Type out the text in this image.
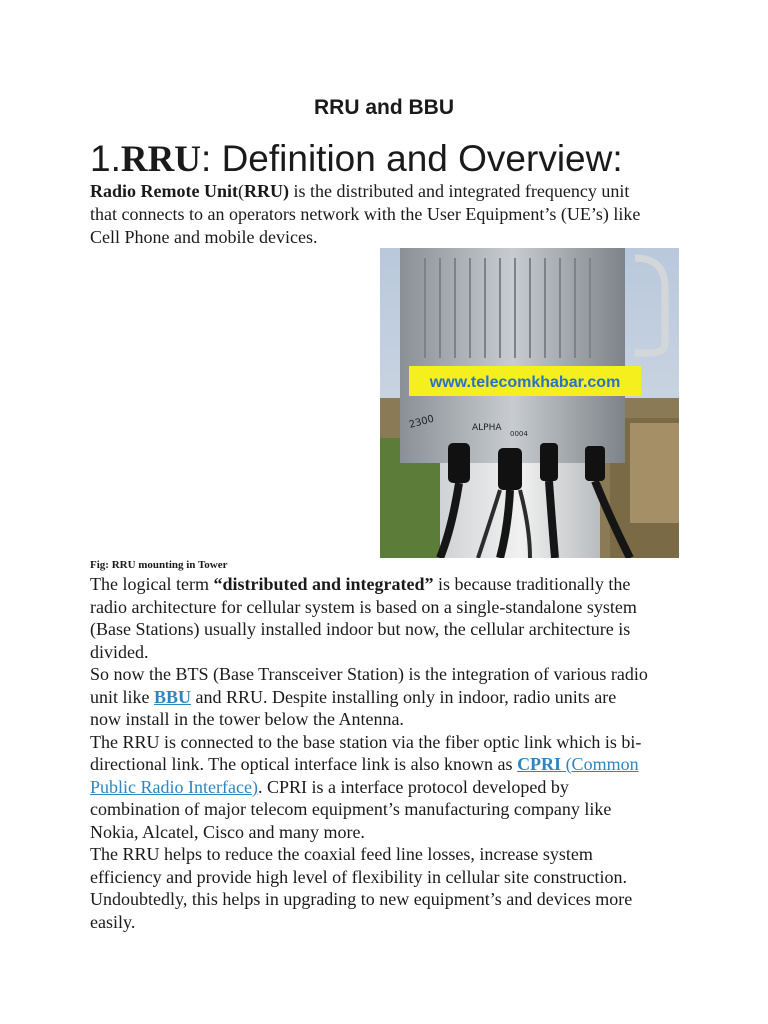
RRU and BBU
1.RRU: Definition and Overview:
Radio Remote Unit(RRU) is the distributed and integrated frequency unit
that connects to an operators network with the User Equipment’s (UE’s) like
Cell Phone and mobile devices.
www.telecomkhabar.com
2300	ALPHA
0004
Fig: RRU mounting in Tower
The logical term “distributed and integrated” is because traditionally the
radio architecture for cellular system is based on a single-standalone system
(Base Stations) usually installed indoor but now, the cellular architecture is
divided.
So now the BTS (Base Transceiver Station) is the integration of various radio
unit like BBU and RRU. Despite installing only in indoor, radio units are
now install in the tower below the Antenna.
The RRU is connected to the base station via the fiber optic link which is bi-
directional link. The optical interface link is also known as CPRI (Common
Public Radio Interface). CPRI is a interface protocol developed by
combination of major telecom equipment’s manufacturing company like
Nokia, Alcatel, Cisco and many more.
The RRU helps to reduce the coaxial feed line losses, increase system
efficiency and provide high level of flexibility in cellular site construction.
Undoubtedly, this helps in upgrading to new equipment’s and devices more
easily.
